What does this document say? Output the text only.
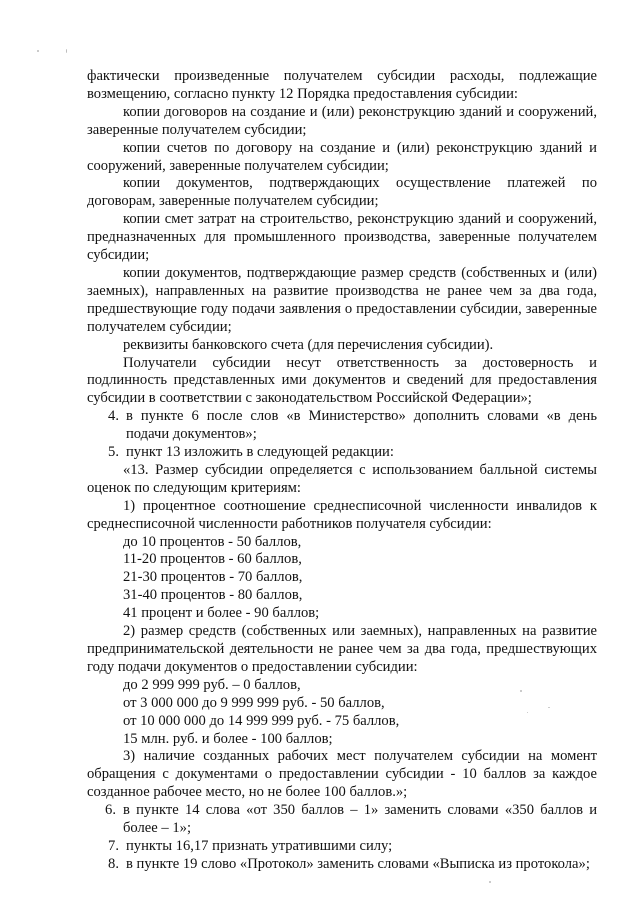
фактически произведенные получателем субсидии расходы, подлежащие возмещению, согласно пункту 12 Порядка предоставления субсидии:

копии договоров на создание и (или) реконструкцию зданий и сооружений, заверенные получателем субсидии;

копии счетов по договору на создание и (или) реконструкцию зданий и сооружений, заверенные получателем субсидии;

копии документов, подтверждающих осуществление платежей по договорам, заверенные получателем субсидии;

копии смет затрат на строительство, реконструкцию зданий и сооружений, предназначенных для промышленного производства, заверенные получателем субсидии;

копии документов, подтверждающие размер средств (собственных и (или) заемных), направленных на развитие производства не ранее чем за два года, предшествующие году подачи заявления о предоставлении субсидии, заверенные получателем субсидии;

реквизиты банковского счета (для перечисления субсидии).

Получатели субсидии несут ответственность за достоверность и подлинность представленных ими документов и сведений для предоставления субсидии в соответствии с законодательством Российской Федерации»;

4. в пункте 6 после слов «в Министерство» дополнить словами «в день подачи документов»;
5. пункт 13 изложить в следующей редакции:

«13. Размер субсидии определяется с использованием балльной системы оценок по следующим критериям:

1) процентное соотношение среднесписочной численности инвалидов к среднесписочной численности работников получателя субсидии:

до 10 процентов - 50 баллов,
11-20 процентов - 60 баллов,
21-30 процентов - 70 баллов,
31-40 процентов - 80 баллов,
41 процент и более - 90 баллов;

2) размер средств (собственных или заемных), направленных на развитие предпринимательской деятельности не ранее чем за два года, предшествующих году подачи документов о предоставлении субсидии:

до 2 999 999 руб. – 0 баллов,
от 3 000 000 до 9 999 999 руб. - 50 баллов,
от 10 000 000 до 14 999 999 руб. - 75 баллов,
15 млн. руб. и более - 100 баллов;

3) наличие созданных рабочих мест получателем субсидии на момент обращения с документами о предоставлении субсидии - 10 баллов за каждое созданное рабочее место, но не более 100 баллов.»;

6. в пункте 14 слова «от 350 баллов – 1» заменить словами «350 баллов и более – 1»;
7. пункты 16,17 признать утратившими силу;
8. в пункте 19 слово «Протокол» заменить словами «Выписка из протокола»;
